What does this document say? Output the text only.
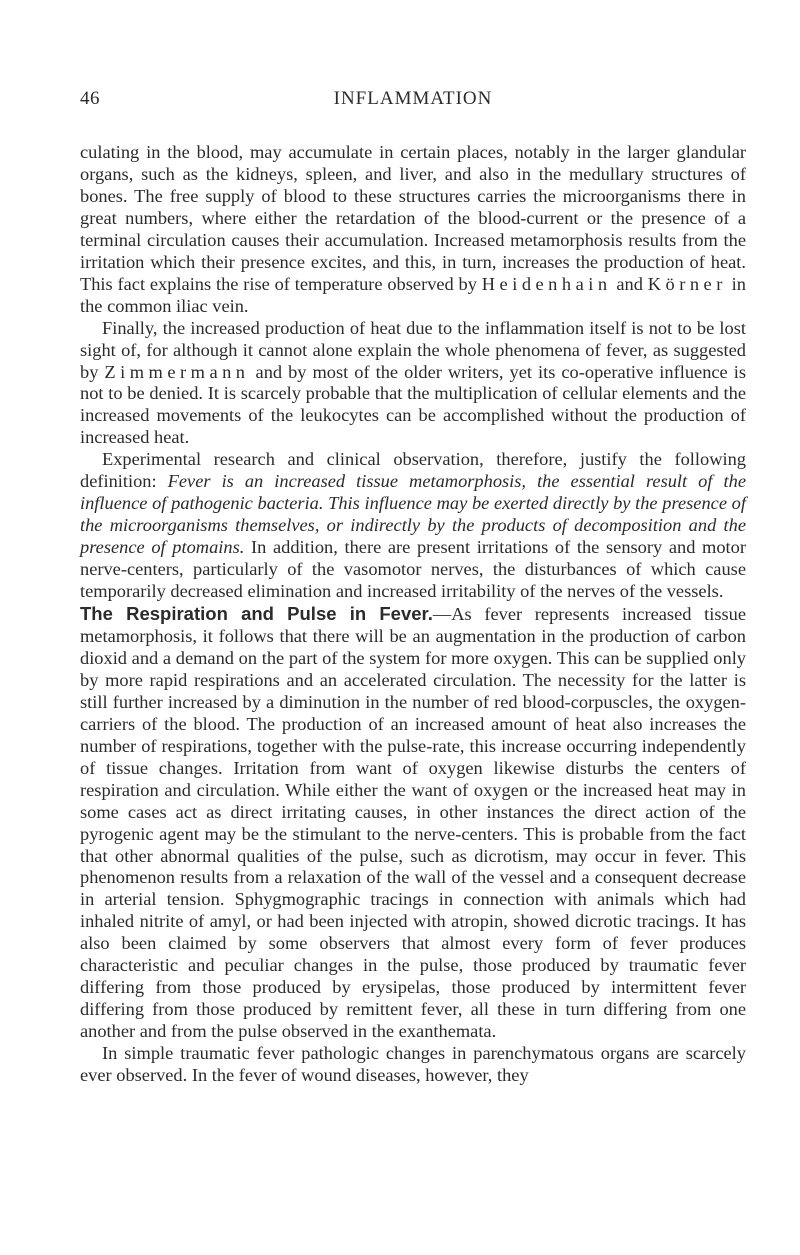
46	INFLAMMATION

culating in the blood, may accumulate in certain places, notably in the larger glandular organs, such as the kidneys, spleen, and liver, and also in the medullary structures of bones. The free supply of blood to these structures carries the microorganisms there in great numbers, where either the retardation of the blood-current or the presence of a terminal circulation causes their accumulation. Increased metamorphosis results from the irritation which their presence excites, and this, in turn, increases the production of heat. This fact explains the rise of temperature observed by Heidenhain and Körner in the common iliac vein.

Finally, the increased production of heat due to the inflammation itself is not to be lost sight of, for although it cannot alone explain the whole phenomena of fever, as suggested by Zimmermann and by most of the older writers, yet its co-operative influence is not to be denied. It is scarcely probable that the multiplication of cellular elements and the increased movements of the leukocytes can be accomplished without the production of increased heat.

Experimental research and clinical observation, therefore, justify the following definition: Fever is an increased tissue metamorphosis, the essential result of the influence of pathogenic bacteria. This influence may be exerted directly by the presence of the microorganisms themselves, or indirectly by the products of decomposition and the presence of ptomains. In addition, there are present irritations of the sensory and motor nerve-centers, particularly of the vasomotor nerves, the disturbances of which cause temporarily decreased elimination and increased irritability of the nerves of the vessels.

The Respiration and Pulse in Fever.—As fever represents increased tissue metamorphosis, it follows that there will be an augmentation in the production of carbon dioxid and a demand on the part of the system for more oxygen. This can be supplied only by more rapid respirations and an accelerated circulation. The necessity for the latter is still further increased by a diminution in the number of red blood-corpuscles, the oxygen-carriers of the blood. The production of an increased amount of heat also increases the number of respirations, together with the pulse-rate, this increase occurring independently of tissue changes. Irritation from want of oxygen likewise disturbs the centers of respiration and circulation. While either the want of oxygen or the increased heat may in some cases act as direct irritating causes, in other instances the direct action of the pyrogenic agent may be the stimulant to the nerve-centers. This is probable from the fact that other abnormal qualities of the pulse, such as dicrotism, may occur in fever. This phenomenon results from a relaxation of the wall of the vessel and a consequent decrease in arterial tension. Sphygmographic tracings in connection with animals which had inhaled nitrite of amyl, or had been injected with atropin, showed dicrotic tracings. It has also been claimed by some observers that almost every form of fever produces characteristic and peculiar changes in the pulse, those produced by traumatic fever differing from those produced by erysipelas, those produced by intermittent fever differing from those produced by remittent fever, all these in turn differing from one another and from the pulse observed in the exanthemata.

In simple traumatic fever pathologic changes in parenchymatous organs are scarcely ever observed. In the fever of wound diseases, however, they
